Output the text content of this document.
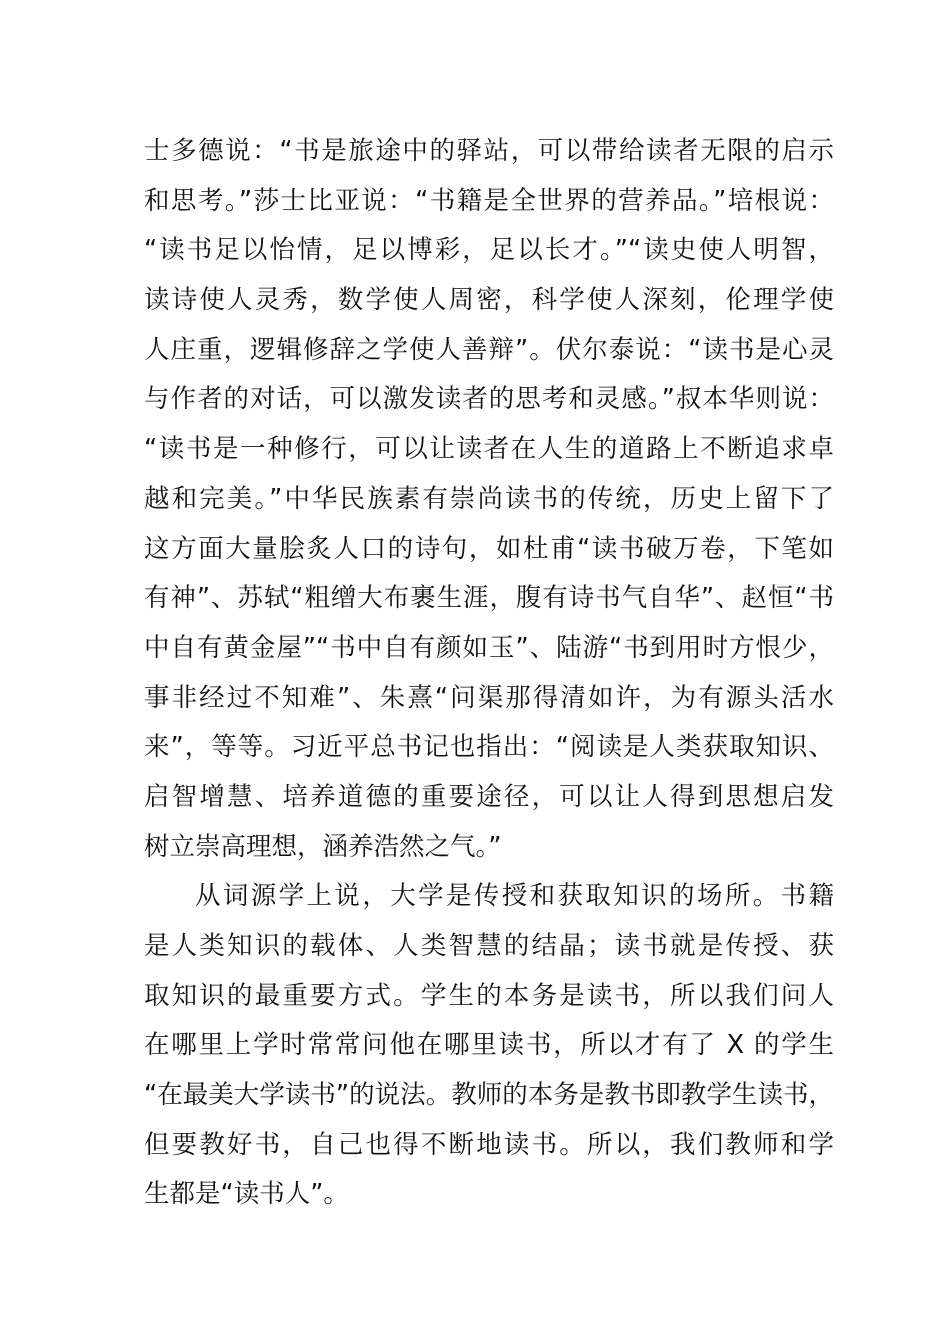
士多德说：“书是旅途中的驿站，可以带给读者无限的启示
和思考。”莎士比亚说：“书籍是全世界的营养品。”培根说：
“读书足以怡情，足以博彩，足以长才。”“读史使人明智，
读诗使人灵秀，数学使人周密，科学使人深刻，伦理学使
人庄重，逻辑修辞之学使人善辩”。伏尔泰说：“读书是心灵
与作者的对话，可以激发读者的思考和灵感。”叔本华则说：
“读书是一种修行，可以让读者在人生的道路上不断追求卓
越和完美。”中华民族素有崇尚读书的传统，历史上留下了
这方面大量脍炙人口的诗句，如杜甫“读书破万卷，下笔如
有神”、苏轼“粗缯大布裹生涯，腹有诗书气自华”、赵恒“书
中自有黄金屋”“书中自有颜如玉”、陆游“书到用时方恨少，
事非经过不知难”、朱熹“问渠那得清如许，为有源头活水
来”，等等。习近平总书记也指出：“阅读是人类获取知识、
启智增慧、培养道德的重要途径，可以让人得到思想启发
树立崇高理想，涵养浩然之气。”
从词源学上说，大学是传授和获取知识的场所。书籍
是人类知识的载体、人类智慧的结晶；读书就是传授、获
取知识的最重要方式。学生的本务是读书，所以我们问人
在哪里上学时常常问他在哪里读书，所以才有了 X 的学生
“在最美大学读书”的说法。教师的本务是教书即教学生读书，
但要教好书，自己也得不断地读书。所以，我们教师和学
生都是“读书人”。
